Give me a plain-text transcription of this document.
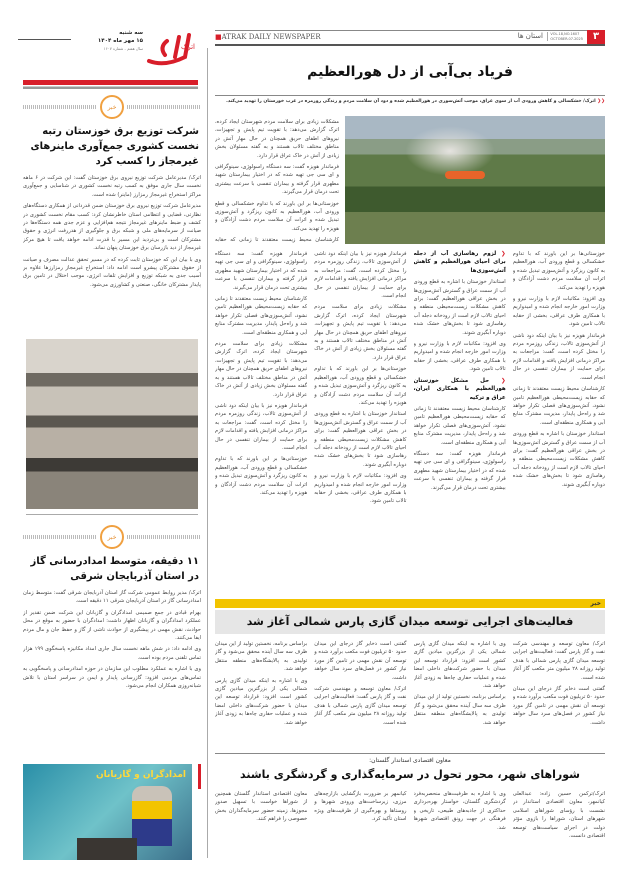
اترک
سه شنبه
۱۵ مهر ماه ۱۴۰۴
سال هفتم - شماره ۱۶۰۷
خبر
شرکت توزیع برق خوزستان رتبه نخست کشوری جمع‌آوری ماینرهای غیرمجاز را کسب کرد

اترک/ مدیرعامل شرکت توزیع نیروی برق خوزستان گفت: این شرکت در ۶ ماهه نخست سال جاری موفق به کسب رتبه نخست کشوری در شناسایی و جمع‌آوری مراکز استخراج غیرمجاز رمزارز (ماینر) شده است.

مدیرعامل شرکت توزیع نیروی برق خوزستان ضمن قدردانی از همکاری دستگاه‌های نظارتی، قضایی و انتظامی استان خاطرنشان کرد: کسب مقام نخست کشوری در کشف و ضبط ماینرهای غیرمجاز نتیجه هم‌افزایی و عزم جدی همه دستگاه‌ها در صیانت از سرمایه‌های ملی و شبکه برق و جلوگیری از هدررفت انرژی و حقوق مشترکان است و بی‌تردید این مسیر با قدرت ادامه خواهد یافت تا هیچ مرکز غیرمجاز از دید بازرسان برق خوزستان پنهان نماند.

وی با بیان این که خوزستان ثابت کرده که در مسیر تحقق عدالت مصرف و صیانت از حقوق مشترکان پیشرو است ادامه داد: استخراج غیرمجاز رمزارزها علاوه بر آسیب جدی به شبکه توزیع و افزایش تلفات انرژی، موجب اختلال در تامین برق پایدار مشترکان خانگی، صنعتی و کشاورزی می‌شود.

خبر
۱۱ دقیقه، متوسط امدادرسانی گاز در استان آذربایجان شرقی

اترک/ مدیر روابط عمومی شرکت گاز استان آذربایجان شرقی گفت: متوسط زمان امدادرسانی گاز در استان آذربایجان شرقی ۱۱ دقیقه است.

بهرام قبادی در جمع صمیمی امدادگران و گازبانان این شرکت ضمن تقدیر از عملکرد امدادگران و گازبانان اظهار داشت: امدادگران با حضور به موقع در محل حوادث، نقش مهمی در پیشگیری از حوادث ناشی از گاز و حفظ جان و مال مردم ایفا می‌کنند.

وی ادامه داد: در شش ماهه نخست سال جاری امداد مکانیزه پاسخگوی ۱۹۹ هزار تماس تلفنی مردم بوده است.

وی با اشاره به عملکرد مطلوب این سازمان در حوزه امدادرسانی و پاسخگویی به تماس‌های مردمی افزود: گازرسانی پایدار و ایمن در سراسر استان با تلاش شبانه‌روزی همکاران انجام می‌شود.

امدادگران و گازبانان
■ATRAK DAILY NEWSPAPER	استان ها VOL.18,NO.1607
OCTOBER.07.2025 ۳
فریاد بی‌آبی از دل هورالعظیم
❮❮ اترک/ خشکسالی و کاهش ورودی آب از سوی عراق، موجب آتش‌سوزی در هورالعظیم شده و دود آن سلامت مردم و زندگی روزمره در غرب خوزستان را تهدید می‌کند.

مشکلات زیادی برای سلامت مردم شهرستان ایجاد کرده، اترک گزارش می‌دهد: با تقویت تیم پایش و تجهیزات، نیروهای اطفای حریق همچنان در حال مهار آتش در مناطق مختلف تالاب هستند و به گفته مسئولان بخش زیادی از آتش در خاک عراق قرار دارد.

فرماندار هویزه گفت: سه دستگاه راسولوژی، سینوگرافی و ای سی جی تهیه شده که در اختیار بیمارستان شهید مطهری قرار گرفته و بیماران تنفسی با سرعت بیشتری تحت درمان قرار می‌گیرند.

خوزستانی‌ها بر این باورند که با تداوم خشکسالی و قطع ورودی آب، هورالعظیم به کانون ریزگرد و آتش‌سوزی تبدیل شده و اثرات آن سلامت مردم دشت آزادگان و هویزه را تهدید می‌کند.

کارشناسان محیط زیست معتقدند تا زمانی که حقابه

خوزستانی‌ها بر این باورند که با تداوم خشکسالی و قطع ورودی آب، هورالعظیم به کانون ریزگرد و آتش‌سوزی تبدیل شده و اثرات آن سلامت مردم دشت آزادگان و هویزه را تهدید می‌کند.

وی افزود: مکاتبات لازم با وزارت نیرو و وزارت امور خارجه انجام شده و امیدواریم با همکاری طرف عراقی، بخشی از حقابه تالاب تامین شود.

فرماندار هویزه نیز با بیان اینکه دود ناشی از آتش‌سوزی تالاب، زندگی روزمره مردم را مختل کرده است، گفت: مراجعات به مراکز درمانی افزایش یافته و اقدامات لازم برای حمایت از بیماران تنفسی در حال انجام است.

کارشناسان محیط زیست معتقدند تا زمانی که حقابه زیست‌محیطی هورالعظیم تامین نشود، آتش‌سوزی‌های فصلی تکرار خواهد شد و راه‌حل پایدار، مدیریت مشترک منابع آبی و همکاری منطقه‌ای است.

استاندار خوزستان با اشاره به قطع ورودی آب از سمت عراق و گسترش آتش‌سوزی‌ها در بخش عراقی هورالعظیم گفت: برای کاهش مشکلات زیست‌محیطی منطقه و احیای تالاب لازم است از رودخانه دجله آب رهاسازی شود تا بخش‌های خشک شده دوباره آبگیری شوند.

❮ لزوم رهاسازی آب از دجله برای احیای هورالعظیم و کاهش آتش‌سوزی‌ها

استاندار خوزستان با اشاره به قطع ورودی آب از سمت عراق و گسترش آتش‌سوزی‌ها در بخش عراقی هورالعظیم گفت: برای کاهش مشکلات زیست‌محیطی منطقه و احیای تالاب لازم است از رودخانه دجله آب رهاسازی شود تا بخش‌های خشک شده دوباره آبگیری شوند.

وی افزود: مکاتبات لازم با وزارت نیرو و وزارت امور خارجه انجام شده و امیدواریم با همکاری طرف عراقی، بخشی از حقابه تالاب تامین شود.

❮ حل مشکل خوزستان هورالعظیم با همکاری ایران، عراق و ترکیه

کارشناسان محیط زیست معتقدند تا زمانی که حقابه زیست‌محیطی هورالعظیم تامین نشود، آتش‌سوزی‌های فصلی تکرار خواهد شد و راه‌حل پایدار، مدیریت مشترک منابع آبی و همکاری منطقه‌ای است.

فرماندار هویزه گفت: سه دستگاه راسولوژی، سینوگرافی و ای سی جی تهیه شده که در اختیار بیمارستان شهید مطهری قرار گرفته و بیماران تنفسی با سرعت بیشتری تحت درمان قرار می‌گیرند.

فرماندار هویزه نیز با بیان اینکه دود ناشی از آتش‌سوزی تالاب، زندگی روزمره مردم را مختل کرده است، گفت: مراجعات به مراکز درمانی افزایش یافته و اقدامات لازم برای حمایت از بیماران تنفسی در حال انجام است.

مشکلات زیادی برای سلامت مردم شهرستان ایجاد کرده، اترک گزارش می‌دهد: با تقویت تیم پایش و تجهیزات، نیروهای اطفای حریق همچنان در حال مهار آتش در مناطق مختلف تالاب هستند و به گفته مسئولان بخش زیادی از آتش در خاک عراق قرار دارد.

خوزستانی‌ها بر این باورند که با تداوم خشکسالی و قطع ورودی آب، هورالعظیم به کانون ریزگرد و آتش‌سوزی تبدیل شده و اثرات آن سلامت مردم دشت آزادگان و هویزه را تهدید می‌کند.

استاندار خوزستان با اشاره به قطع ورودی آب از سمت عراق و گسترش آتش‌سوزی‌ها در بخش عراقی هورالعظیم گفت: برای کاهش مشکلات زیست‌محیطی منطقه و احیای تالاب لازم است از رودخانه دجله آب رهاسازی شود تا بخش‌های خشک شده دوباره آبگیری شوند.

وی افزود: مکاتبات لازم با وزارت نیرو و وزارت امور خارجه انجام شده و امیدواریم با همکاری طرف عراقی، بخشی از حقابه تالاب تامین شود.

فرماندار هویزه گفت: سه دستگاه راسولوژی، سینوگرافی و ای سی جی تهیه شده که در اختیار بیمارستان شهید مطهری قرار گرفته و بیماران تنفسی با سرعت بیشتری تحت درمان قرار می‌گیرند.

کارشناسان محیط زیست معتقدند تا زمانی که حقابه زیست‌محیطی هورالعظیم تامین نشود، آتش‌سوزی‌های فصلی تکرار خواهد شد و راه‌حل پایدار، مدیریت مشترک منابع آبی و همکاری منطقه‌ای است.

مشکلات زیادی برای سلامت مردم شهرستان ایجاد کرده، اترک گزارش می‌دهد: با تقویت تیم پایش و تجهیزات، نیروهای اطفای حریق همچنان در حال مهار آتش در مناطق مختلف تالاب هستند و به گفته مسئولان بخش زیادی از آتش در خاک عراق قرار دارد.

فرماندار هویزه نیز با بیان اینکه دود ناشی از آتش‌سوزی تالاب، زندگی روزمره مردم را مختل کرده است، گفت: مراجعات به مراکز درمانی افزایش یافته و اقدامات لازم برای حمایت از بیماران تنفسی در حال انجام است.

خوزستانی‌ها بر این باورند که با تداوم خشکسالی و قطع ورودی آب، هورالعظیم به کانون ریزگرد و آتش‌سوزی تبدیل شده و اثرات آن سلامت مردم دشت آزادگان و هویزه را تهدید می‌کند.

خبر
فعالیت‌های اجرایی توسعه میدان گازی پارس شمالی آغاز شد

اترک/ معاون توسعه و مهندسی شرکت نفت و گاز پارس گفت: فعالیت‌های اجرایی توسعه میدان گازی پارس شمالی با هدف تولید روزانه ۲۸ میلیون متر مکعب گاز آغاز شده است.

گفتنی است ذخایر گاز درجای این میدان حدود ۵۰ تریلیون فوت مکعب برآورد شده و توسعه آن نقش مهمی در تامین گاز مورد نیاز کشور در فصل‌های سرد سال خواهد داشت.

وی با اشاره به اینکه میدان گازی پارس شمالی یکی از بزرگترین میادین گازی کشور است افزود: قرارداد توسعه این میدان با حضور شرکت‌های داخلی امضا شده و عملیات حفاری چاه‌ها به زودی آغاز خواهد شد.

براساس برنامه، نخستین تولید از این میدان ظرف سه سال آینده محقق می‌شود و گاز تولیدی به پالایشگاه‌های منطقه منتقل خواهد شد.

گفتنی است ذخایر گاز درجای این میدان حدود ۵۰ تریلیون فوت مکعب برآورد شده و توسعه آن نقش مهمی در تامین گاز مورد نیاز کشور در فصل‌های سرد سال خواهد داشت.

اترک/ معاون توسعه و مهندسی شرکت نفت و گاز پارس گفت: فعالیت‌های اجرایی توسعه میدان گازی پارس شمالی با هدف تولید روزانه ۲۸ میلیون متر مکعب گاز آغاز شده است.

براساس برنامه، نخستین تولید از این میدان ظرف سه سال آینده محقق می‌شود و گاز تولیدی به پالایشگاه‌های منطقه منتقل خواهد شد.

وی با اشاره به اینکه میدان گازی پارس شمالی یکی از بزرگترین میادین گازی کشور است افزود: قرارداد توسعه این میدان با حضور شرکت‌های داخلی امضا شده و عملیات حفاری چاه‌ها به زودی آغاز خواهد شد.

معاون اقتصادی استاندار گلستان:
شوراهای شهر، محور تحول در سرمایه‌گذاری و گردشگری باشند

اترک/ترکمن حسین زاده: عبدالعلی کیانمهر، معاون اقتصادی استاندار در نشست با رؤسای شوراهای اسلامی شهرهای استان، شوراها را بازوی مؤثر دولت در اجرای سیاست‌های توسعه اقتصادی دانست.

وی با اشاره به ظرفیت‌های منحصربه‌فرد گردشگری گلستان، خواستار بهره‌برداری حداکثری از جاذبه‌های طبیعی، تاریخی و فرهنگی در جهت رونق اقتصادی شهرها شد.

کیانمهر بر ضرورت بازگشایی بازارچه‌های مرزی، زیرساخت‌های ورودی شهرها و روستاها و بهره‌گیری از ظرفیت‌های ویژه استان تأکید کرد.

معاون اقتصادی استاندار گلستان همچنین از شوراها خواست با تسهیل صدور مجوزها، زمینه حضور سرمایه‌گذاران بخش خصوصی را فراهم کنند.
